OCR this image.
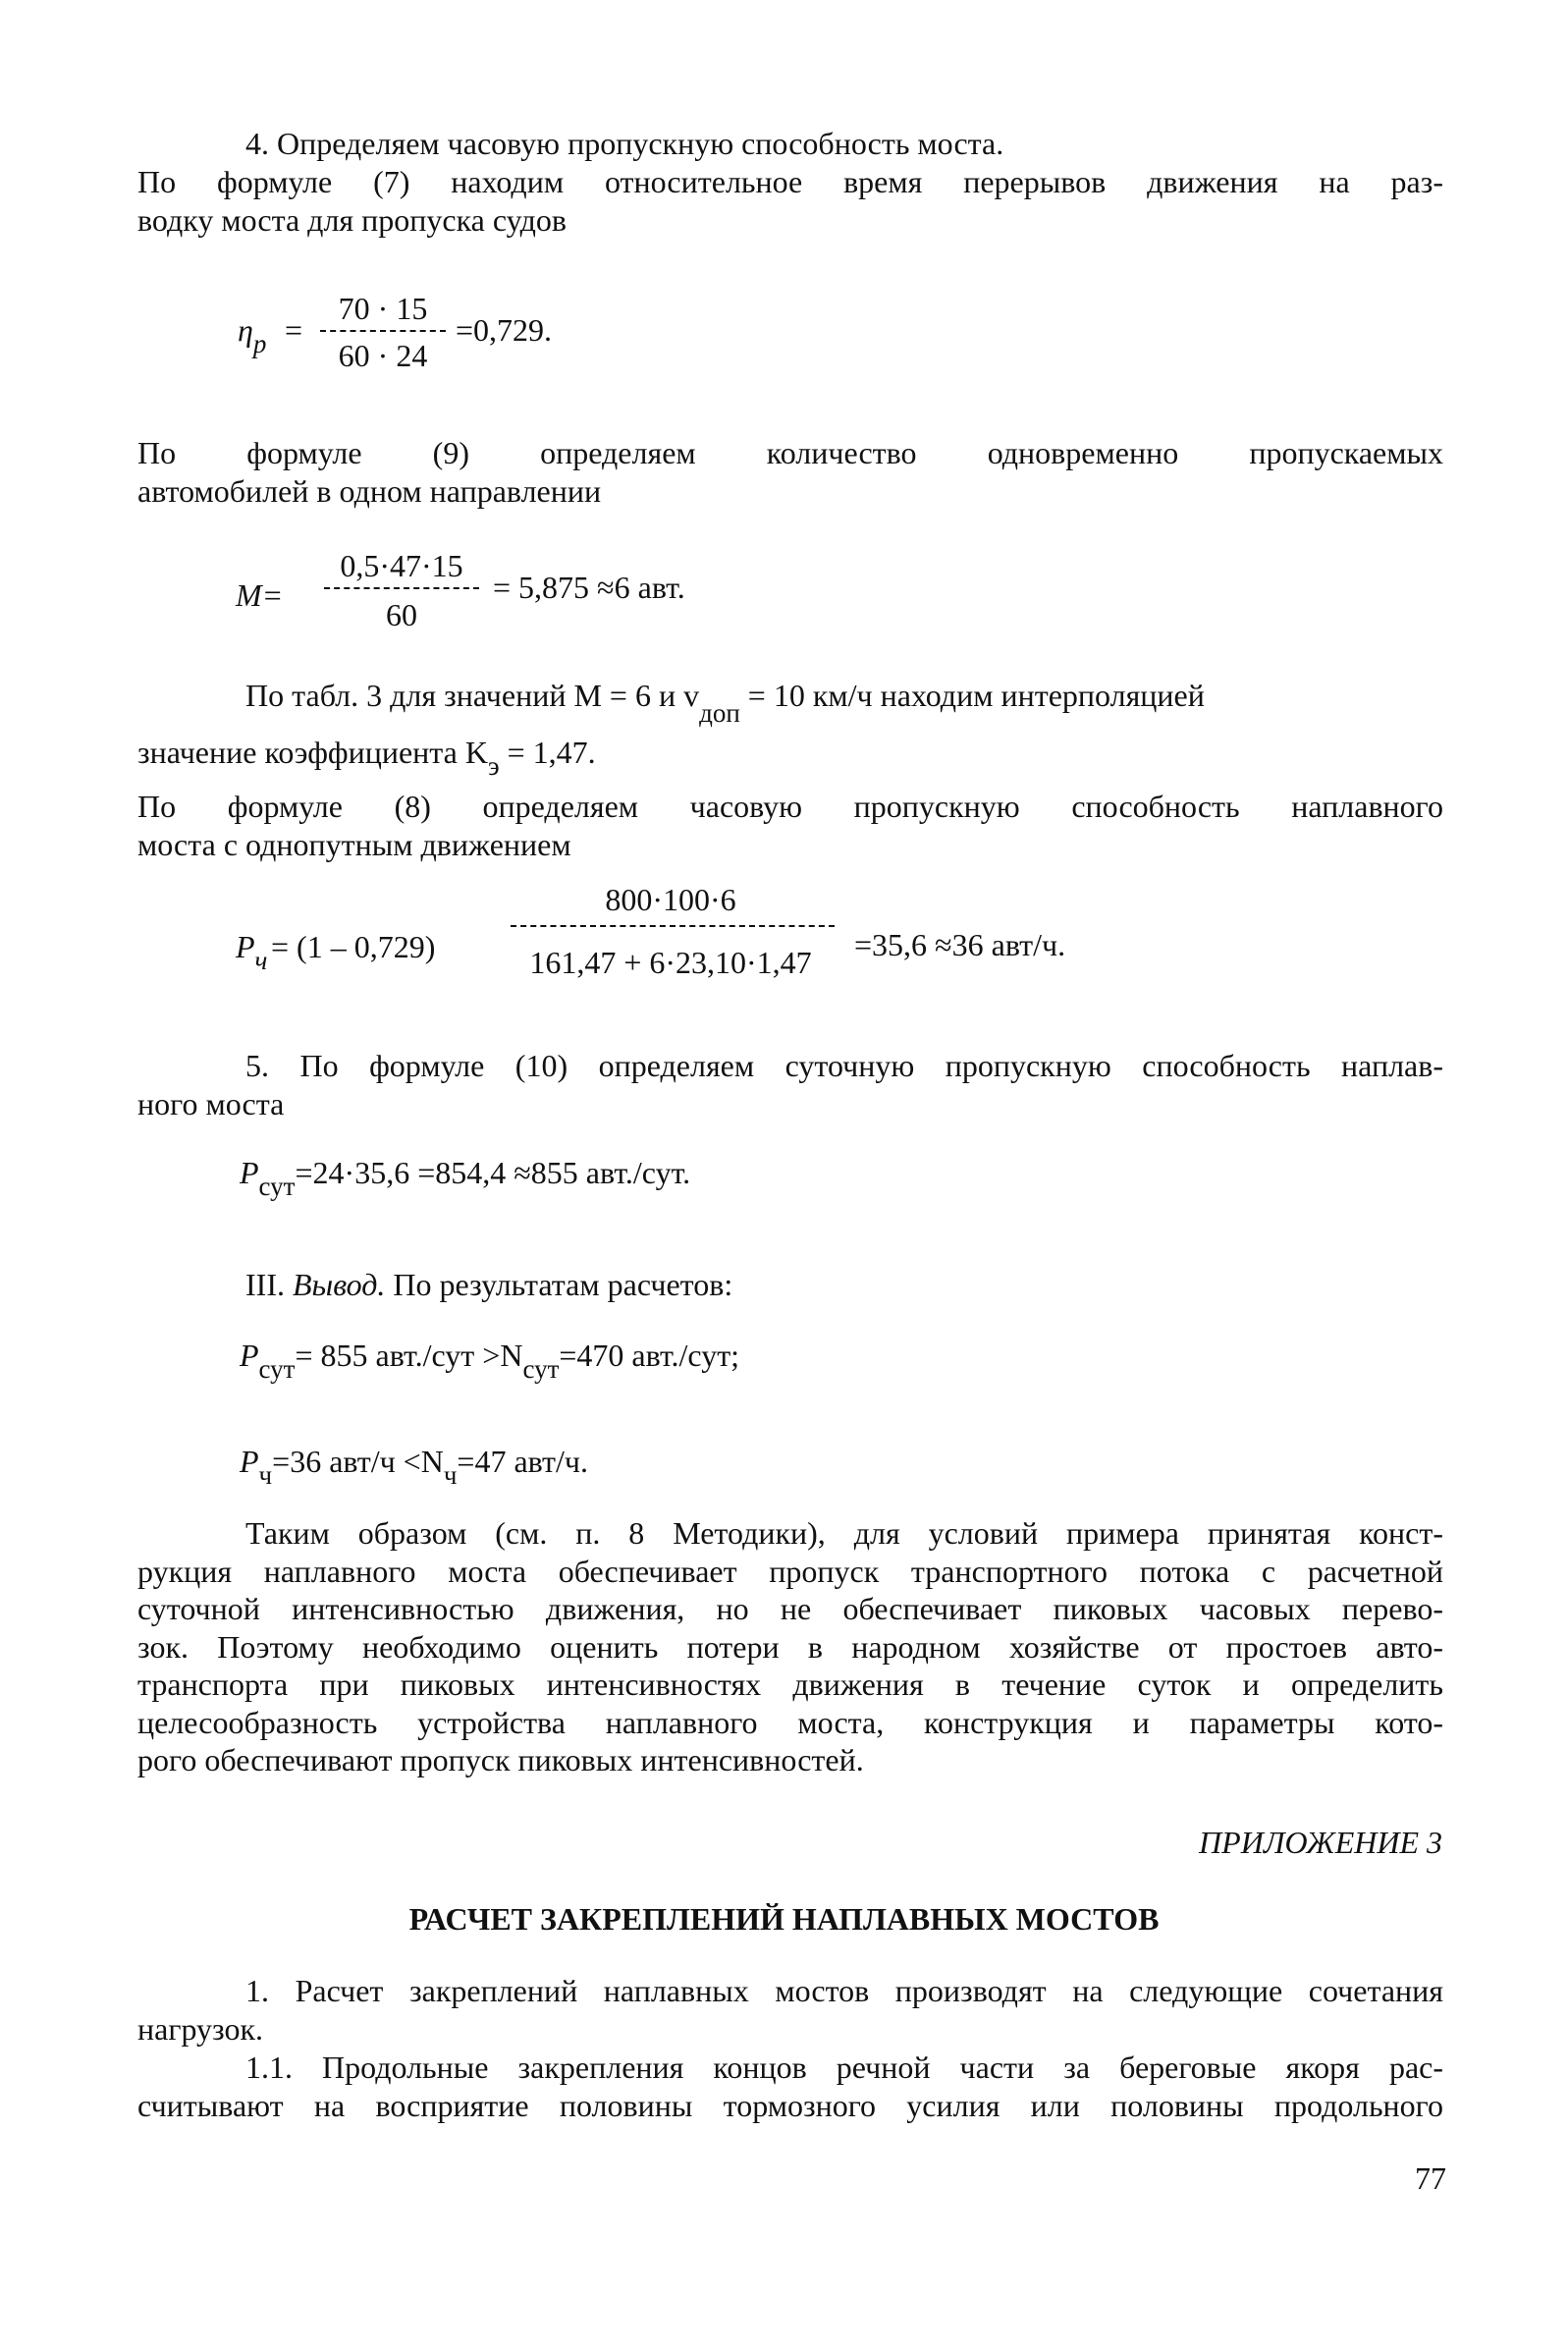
4. Определяем часовую пропускную способность моста.
По формуле (7) находим относительное время перерывов движения на раз-
водку моста для пропуска судов
$\eta_р$ =
70 · 15
60 · 24
=0,729.
По формуле (9) определяем количество одновременно пропускаемых
автомобилей в одном направлении
M=
0,5·47·15
60
= 5,875 ≈6 авт.
По табл. 3 для значений M = 6 и $v_{доп} = 10$ км/ч находим интерполяцией
значение коэффициента $K_э = 1,47$.
По формуле (8) определяем часовую пропускную способность наплавного
моста с однопутным движением
$P_ч = (1 - 0,729)$
800·100·6
161,47 + 6·23,10·1,47	=35,6 ≈36 авт/ч.
5. По формуле (10) определяем суточную пропускную способность наплав-
ного моста
$P_{сут}=24\cdot 35,6 =854,4 \approx 855$ авт./сут.
III. Вывод. По результатам расчетов:
$P_{сут}= 855$ $авт./сут >N_{сут}=470$ авт./сут;
$P_ч=36$ $авт/ч <N_ч=47$ авт/ч.
Таким образом (см. п. 8 Методики), для условий примера принятая конст-
рукция наплавного моста обеспечивает пропуск транспортного потока с расчетной
суточной интенсивностью движения, но не обеспечивает пиковых часовых перево-
зок. Поэтому необходимо оценить потери в народном хозяйстве от простоев авто-
транспорта при пиковых интенсивностях движения в течение суток и определить
целесообразность устройства наплавного моста, конструкция и параметры кото-
рого обеспечивают пропуск пиковых интенсивностей.
ПРИЛОЖЕНИЕ 3
РАСЧЕТ ЗАКРЕПЛЕНИЙ НАПЛАВНЫХ МОСТОВ
1. Расчет закреплений наплавных мостов производят на следующие сочетания
нагрузок.
1.1. Продольные закрепления концов речной части за береговые якоря рас-
считывают на восприятие половины тормозного усилия или половины продольного
77
